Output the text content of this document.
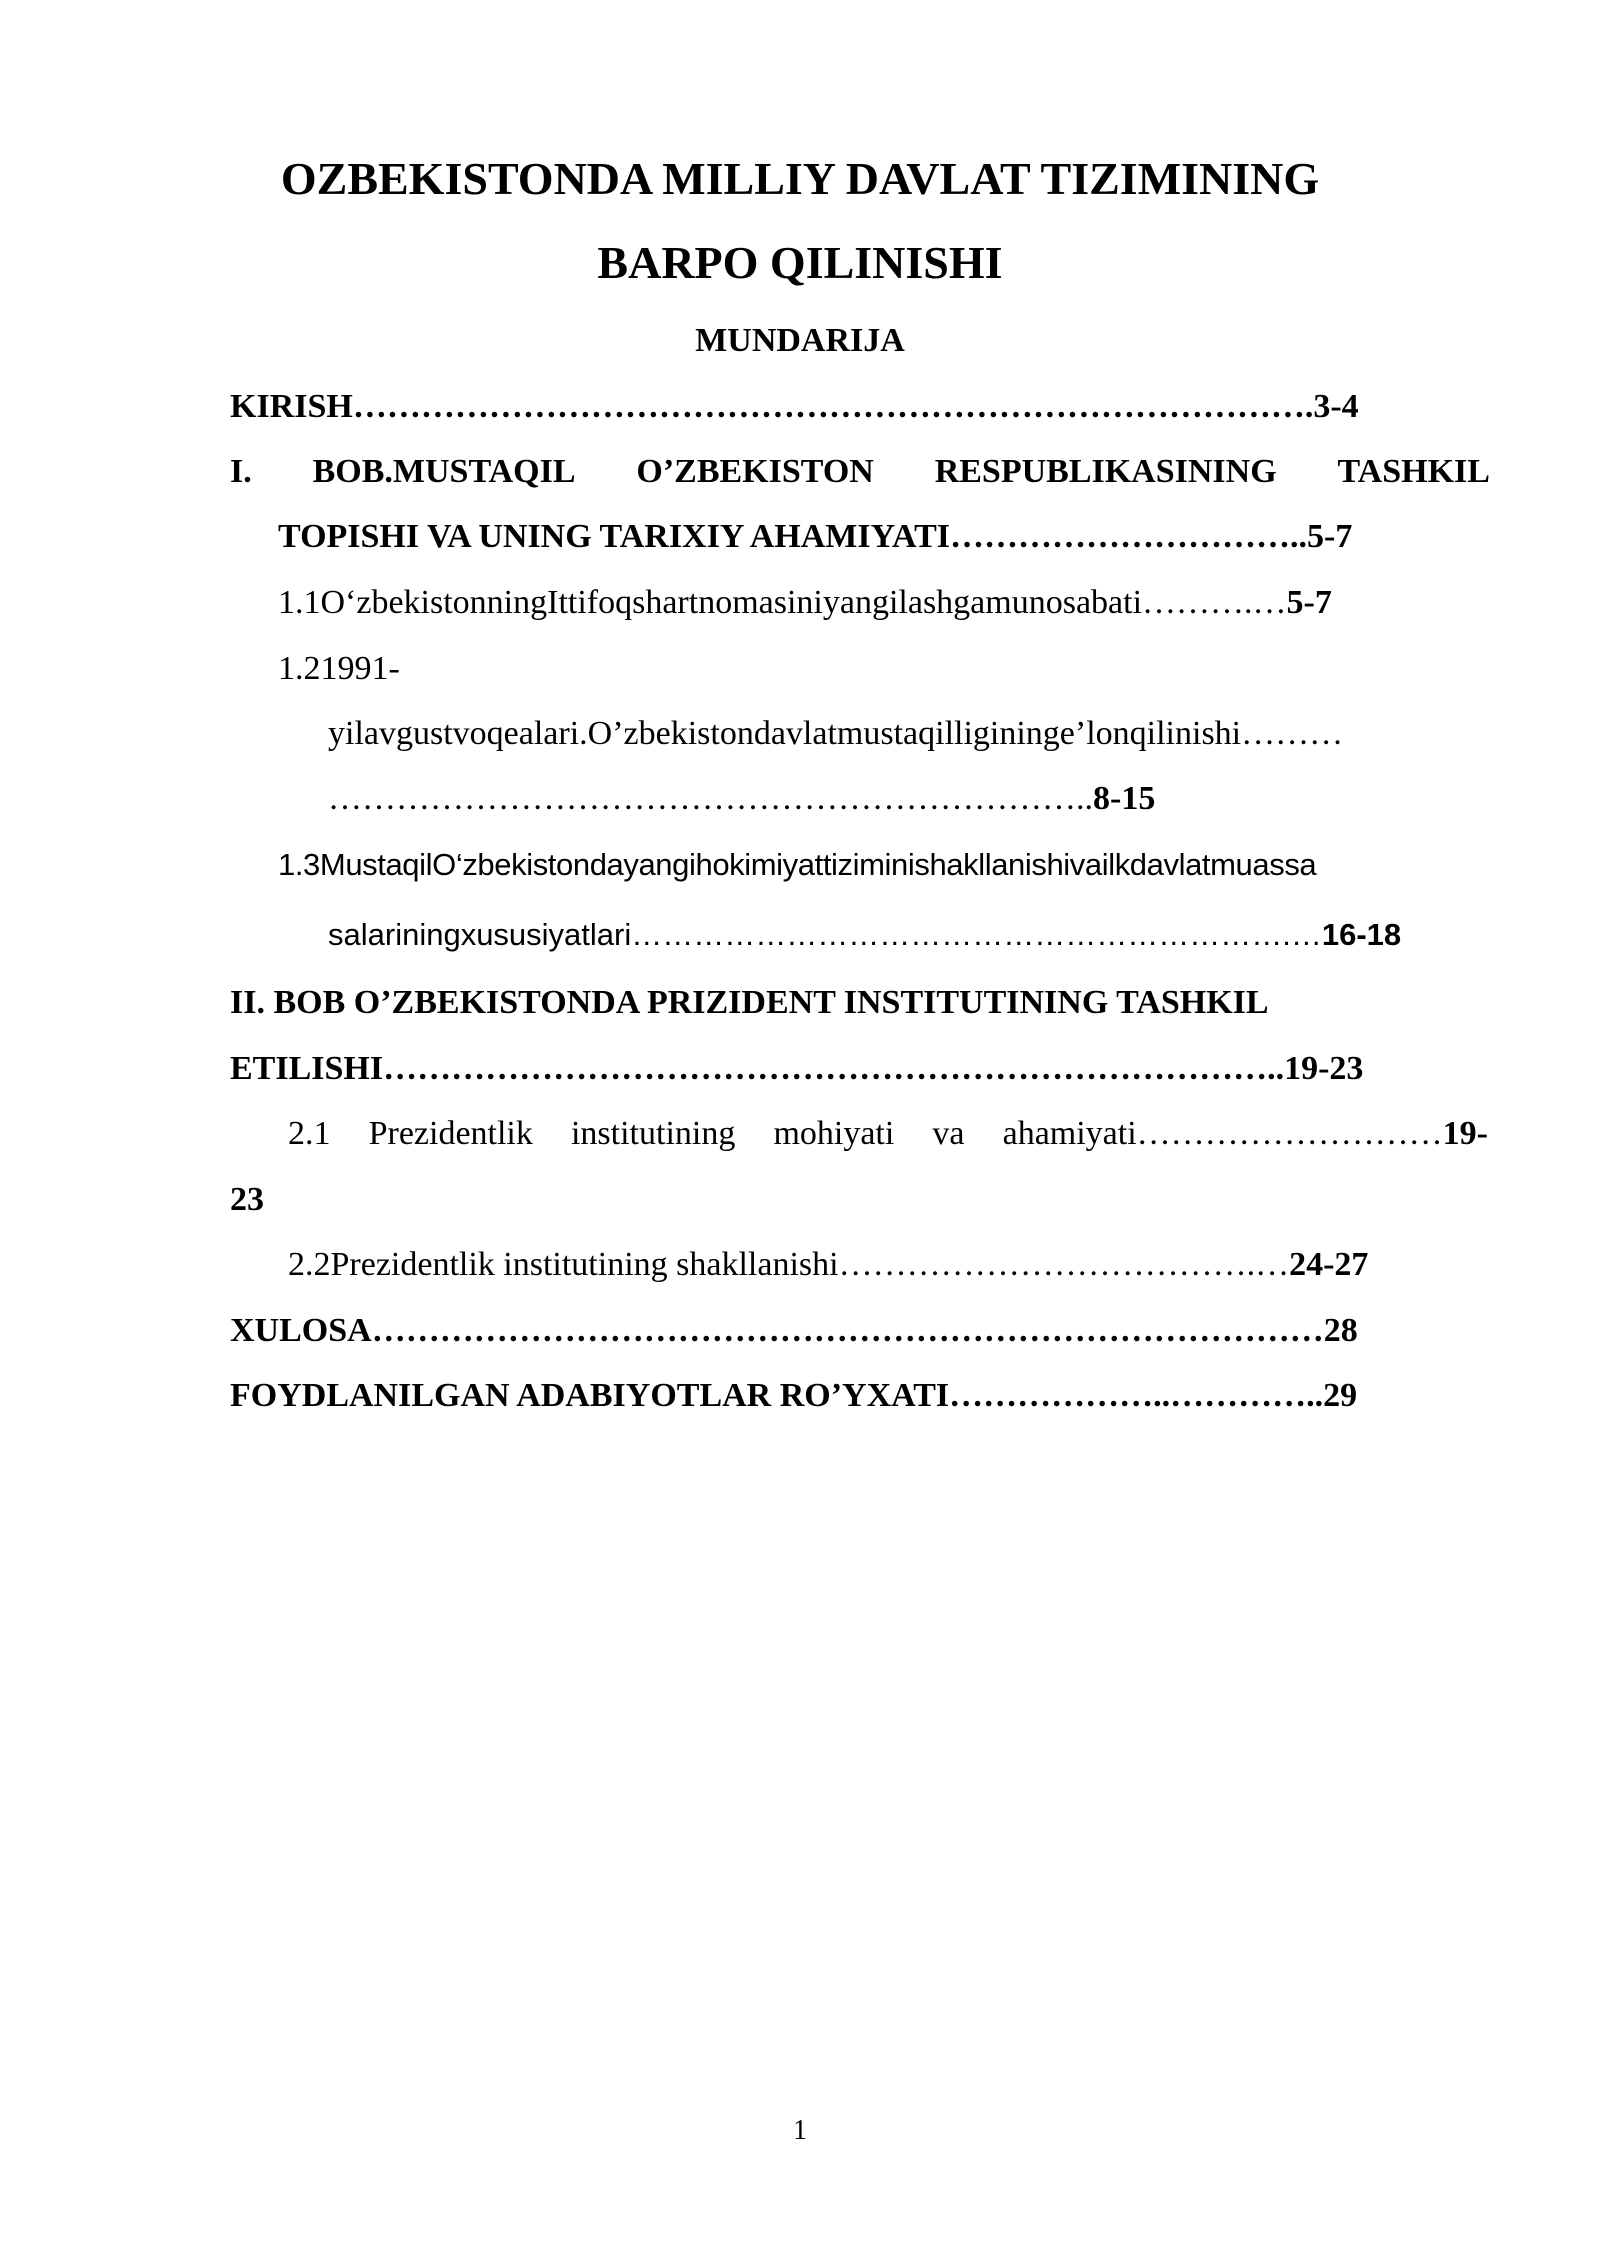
OZBEKISTONDA MILLIY DAVLAT TIZIMINING
BARPO QILINISHI
MUNDARIJA
KIRISH………………………………………………………………………….3-4
I. BOB.MUSTAQIL O’ZBEKISTON RESPUBLIKASINING TASHKIL
TOPISHI VA UNING TARIXIY AHAMIYATI…………………………..5-7
1.1O‘zbekistonningIttifoqshartnomasiniyangilashgamunosabati……….…5-7
1.21991-
yilavgustvoqealari.O’zbekistondavlatmustaqilligininge’lonqilinishi………
…………………………………………………………..8-15
1.3MustaqilO‘zbekistondayangihokimiyattiziminishakllanishivailkdavlatmuassa
salariningxususiyatlari……………………………………………………….…16-18
II. BOB O’ZBEKISTONDA PRIZIDENT INSTITUTINING TASHKIL
ETILISHI……………………………………………………………………..19-23
2.1 Prezidentlik institutining mohiyati va ahamiyati………………………19-
23
2.2Prezidentlik institutining shakllanishi……………………………….…24-27
XULOSA…………………………………………………………………………28
FOYDLANILGAN ADABIYOTLAR RO’YXATI………………..…………..29
1
